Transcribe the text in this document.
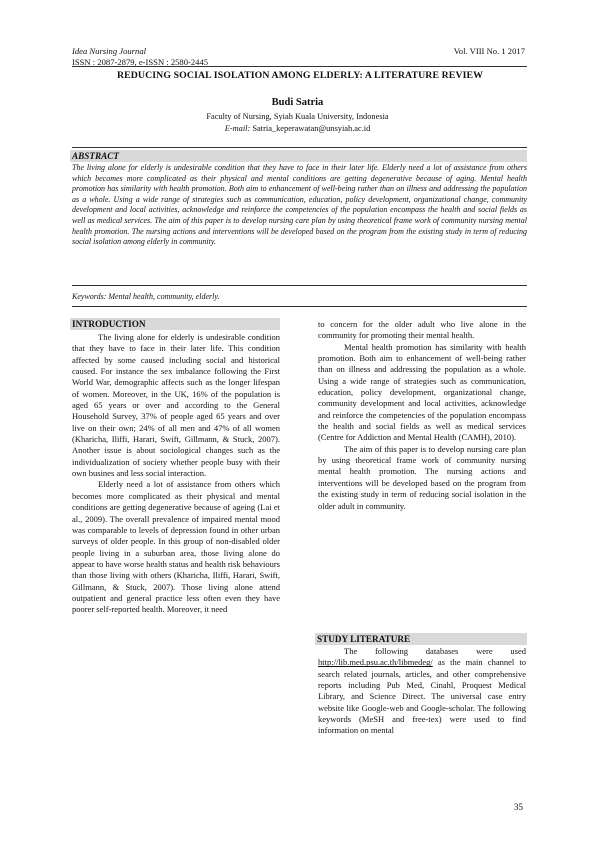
Idea Nursing Journal
ISSN : 2087-2879, e-ISSN : 2580-2445
Vol. VIII No. 1 2017
REDUCING SOCIAL ISOLATION AMONG ELDERLY: A LITERATURE REVIEW
Budi Satria
Faculty of Nursing, Syiah Kuala University, Indonesia
E-mail: Satria_keperawatan@unsyiah.ac.id
ABSTRACT
The living alone for elderly is undesirable condition that they have to face in their later life. Elderly need a lot of assistance from others which becomes more complicated as their physical and mental conditions are getting degenerative because of aging. Mental health promotion has similarity with health promotion. Both aim to enhancement of well-being rather than on illness and addressing the population as a whole. Using a wide range of strategies such as communication, education, policy development, organizational change, community development and local activities, acknowledge and reinforce the competencies of the population encompass the health and social fields as well as medical services. The aim of this paper is to develop nursing care plan by using theoretical frame work of community nursing mental health promotion. The nursing actions and interventions will be developed based on the program from the existing study in term of reducing social isolation among elderly in community.
Keywords: Mental health, community, elderly.
INTRODUCTION

The living alone for elderly is undesirable condition that they have to face in their later life. This condition affected by some caused including social and historical caused. For instance the sex imbalance following the First World War, demographic affects such as the longer lifespan of women. Moreover, in the UK, 16% of the population is aged 65 years or over and according to the General Household Survey, 37% of people aged 65 years and over live on their own; 24% of all men and 47% of all women (Kharicha, Iliffi, Harari, Swift, Gillmann, & Stuck, 2007). Another issue is about sociological changes such as the individualization of society whether people busy with their own busines and less social interaction.

Elderly need a lot of assistance from others which becomes more complicated as their physical and mental conditions are getting degenerative because of ageing (Lai et al., 2009). The overall prevalence of impaired mental mood was comparable to levels of depression found in other urban surveys of older people. In this group of non-disabled older people living in a suburban area, those living alone do appear to have worse health status and health risk behaviours than those living with others (Kharicha, Iliffi, Harari, Swift, Gillmann, & Stuck, 2007). Those living alone attend outpatient and general practice less often even they have poorer self-reported health. Moreover, it need

to concern for the older adult who live alone in the community for promoting their mental health.

Mental health promotion has similarity with health promotion. Both aim to enhancement of well-being rather than on illness and addressing the population as a whole. Using a wide range of strategies such as communication, education, policy development, organizational change, community development and local activities, acknowledge and reinforce the competencies of the population encompass the health and social fields as well as medical services (Centre for Addiction and Mental Health (CAMH), 2010).

The aim of this paper is to develop nursing care plan by using theoretical frame work of community nursing mental health promotion. The nursing actions and interventions will be developed based on the program from the existing study in term of reducing social isolation in the older adult in community.

STUDY LITERATURE

The following databases were used http://lib.med.psu.ac.th/libmedeg/ as the main channel to search related journals, articles, and other comprehensive reports including Pub Med, Cinahl, Proquest Medical Library, and Science Direct. The universal case entry website like Google-web and Google-scholar. The following keywords (MeSH and free-tex) were used to find information on mental

35
